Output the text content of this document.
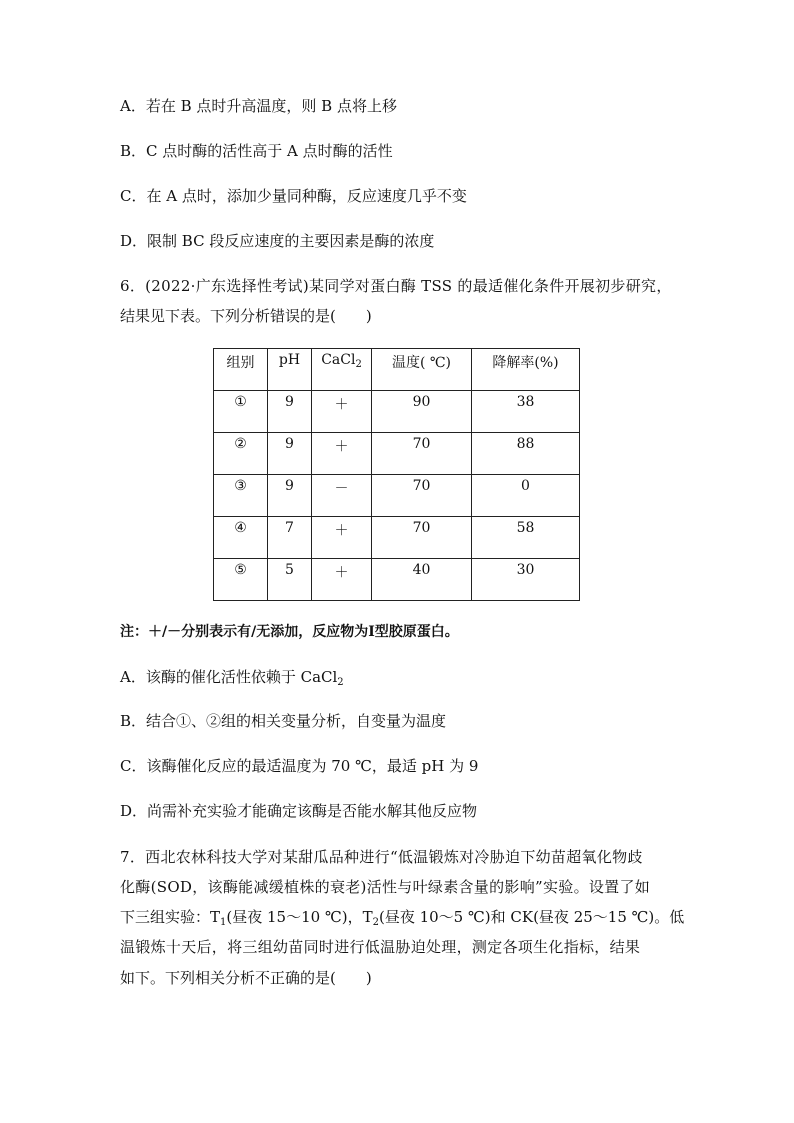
A．若在 B 点时升高温度，则 B 点将上移
B．C 点时酶的活性高于 A 点时酶的活性
C．在 A 点时，添加少量同种酶，反应速度几乎不变
D．限制 BC 段反应速度的主要因素是酶的浓度
6．(2022·广东选择性考试)某同学对蛋白酶 TSS 的最适催化条件开展初步研究，
结果见下表。下列分析错误的是(　　)
组别	pH	CaCl$_2$	温度( ℃)	降解率(%)
①	9	＋	90	38
②	9	＋	70	88
③	9	－	70	0
④	7	＋	70	58
⑤	5	＋	40	30
注：＋/－分别表示有/无添加，反应物为Ⅰ型胶原蛋白。
A．该酶的催化活性依赖于 CaCl$_2$
B．结合①、②组的相关变量分析，自变量为温度
C．该酶催化反应的最适温度为 70 ℃，最适 pH 为 9
D．尚需补充实验才能确定该酶是否能水解其他反应物
7．西北农林科技大学对某甜瓜品种进行“低温锻炼对冷胁迫下幼苗超氧化物歧
化酶(SOD，该酶能减缓植株的衰老)活性与叶绿素含量的影响”实验。设置了如
下三组实验：$T_1$(昼夜 15～10 ℃)，$T_2$(昼夜 10～5 ℃)和 CK(昼夜 25～15 ℃)。低
温锻炼十天后，将三组幼苗同时进行低温胁迫处理，测定各项生化指标，结果
如下。下列相关分析不正确的是(　　)
